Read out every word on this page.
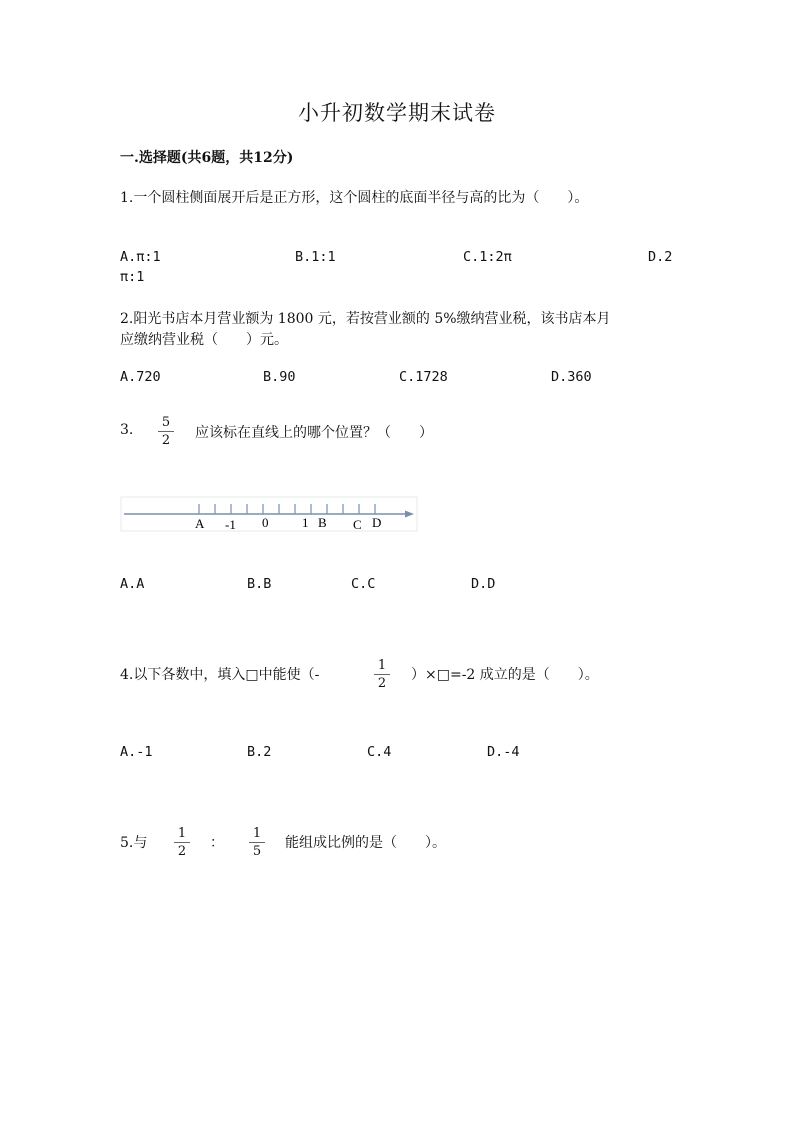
小升初数学期末试卷
一.选择题(共6题，共12分)
1.一个圆柱侧面展开后是正方形，这个圆柱的底面半径与高的比为（　　）。
A.π:1	B.1:1	C.1:2π	D.2
π:1
2.阳光书店本月营业额为 1800 元，若按营业额的 5%缴纳营业税，该书店本月
应缴纳营业税（　　）元。
A.720	B.90	C.1728	D.360
3. 5
2 应该标在直线上的哪个位置？（　　）
A -1 0	1 B C D
A.A	B.B	C.C	D.D
4.以下各数中，填入□中能使（-
1
2
）×□=-2 成立的是（　　）。
A.-1	B.2	C.4	D.-4
5.与
1
2
：
1
5
能组成比例的是（　　）。
